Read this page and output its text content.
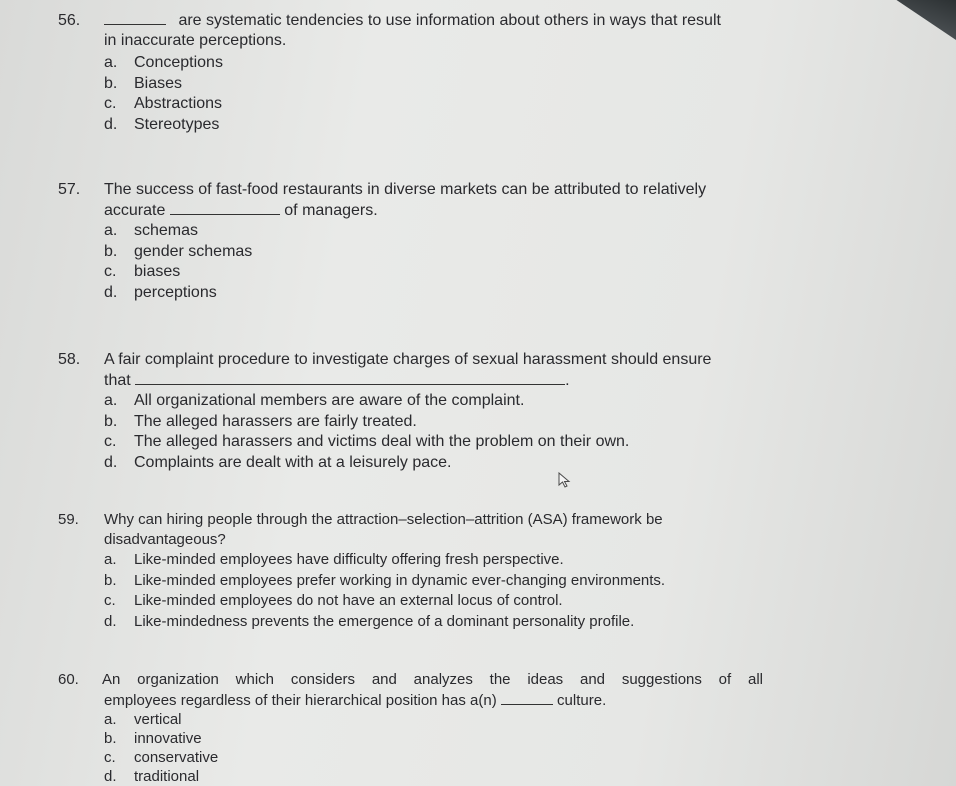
56.	are systematic tendencies to use information about others in ways that result
in inaccurate perceptions.
a. Conceptions
b. Biases
c. Abstractions
d. Stereotypes
57. The success of fast-food restaurants in diverse markets can be attributed to relatively
accurate	of managers.
a. schemas
b. gender schemas
c. biases
d. perceptions
58. A fair complaint procedure to investigate charges of sexual harassment should ensure
that	.
a. All organizational members are aware of the complaint.
b. The alleged harassers are fairly treated.
c. The alleged harassers and victims deal with the problem on their own.
d. Complaints are dealt with at a leisurely pace.
59. Why can hiring people through the attraction–selection–attrition (ASA) framework be
disadvantageous?
a. Like-minded employees have difficulty offering fresh perspective.
b. Like-minded employees prefer working in dynamic ever-changing environments.
c. Like-minded employees do not have an external locus of control.
d. Like-mindedness prevents the emergence of a dominant personality profile.
60. An organization which considers and analyzes the ideas and suggestions of all
employees regardless of their hierarchical position has a(n)	culture.
a. vertical
b. innovative
c. conservative
d. traditional
